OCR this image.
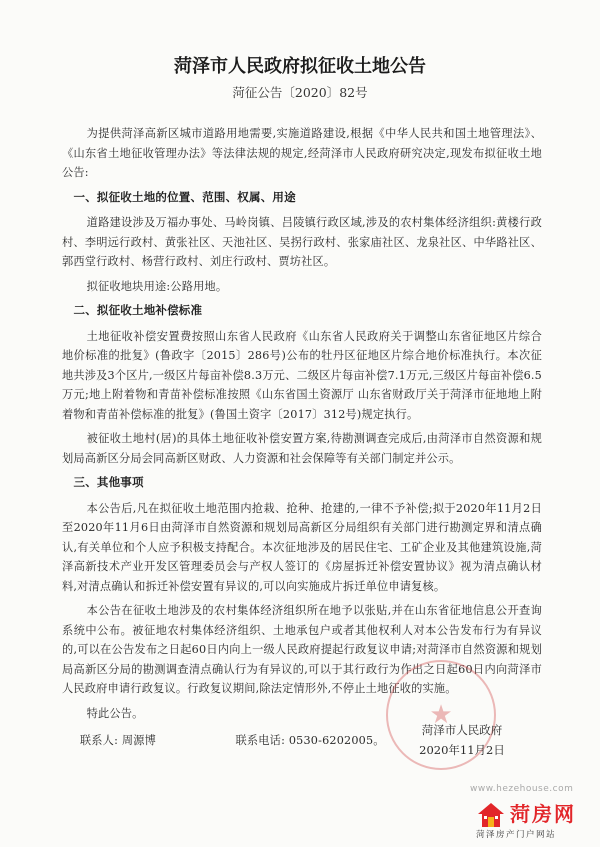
菏泽市人民政府拟征收土地公告
菏征公告〔2020〕82号

为提供菏泽高新区城市道路用地需要,实施道路建设,根据《中华人民共和国土地管理法》、《山东省土地征收管理办法》等法律法规的规定,经菏泽市人民政府研究决定,现发布拟征收土地公告:

一、拟征收土地的位置、范围、权属、用途

道路建设涉及万福办事处、马岭岗镇、吕陵镇行政区域,涉及的农村集体经济组织:黄楼行政村、李明远行政村、黄张社区、天池社区、吴拐行政村、张家庙社区、龙泉社区、中华路社区、郭西堂行政村、杨营行政村、刘庄行政村、贾坊社区。

拟征收地块用途:公路用地。

二、拟征收土地补偿标准

土地征收补偿安置费按照山东省人民政府《山东省人民政府关于调整山东省征地区片综合地价标准的批复》(鲁政字〔2015〕286号)公布的牡丹区征地区片综合地价标准执行。本次征地共涉及3个区片,一级区片每亩补偿8.3万元、二级区片每亩补偿7.1万元,三级区片每亩补偿6.5万元;地上附着物和青苗补偿标准按照《山东省国土资源厅 山东省财政厅关于菏泽市征地地上附着物和青苗补偿标准的批复》(鲁国土资字〔2017〕312号)规定执行。

被征收土地村(居)的具体土地征收补偿安置方案,待勘测调查完成后,由菏泽市自然资源和规划局高新区分局会同高新区财政、人力资源和社会保障等有关部门制定并公示。

三、其他事项

本公告后,凡在拟征收土地范围内抢栽、抢种、抢建的,一律不予补偿;拟于2020年11月2日至2020年11月6日由菏泽市自然资源和规划局高新区分局组织有关部门进行勘测定界和清点确认,有关单位和个人应予积极支持配合。本次征地涉及的居民住宅、工矿企业及其他建筑设施,菏泽高新技术产业开发区管理委员会与产权人签订的《房屋拆迁补偿安置协议》视为清点确认材料,对清点确认和拆迁补偿安置有异议的,可以向实施成片拆迁单位申请复核。

本公告在征收土地涉及的农村集体经济组织所在地予以张贴,并在山东省征地信息公开查询系统中公布。被征地农村集体经济组织、土地承包户或者其他权利人对本公告发布行为有异议的,可以在公告发布之日起60日内向上一级人民政府提起行政复议申请;对菏泽市自然资源和规划局高新区分局的勘测调查清点确认行为有异议的,可以于其行政行为作出之日起60日内向菏泽市人民政府申请行政复议。行政复议期间,除法定情形外,不停止土地征收的实施。

特此公告。

联系人: 周源博	联系电话: 0530-6202005。
★
菏泽市人民政府
2020年11月2日
www.hezehouse.com
菏房网
菏泽房产门户网站
